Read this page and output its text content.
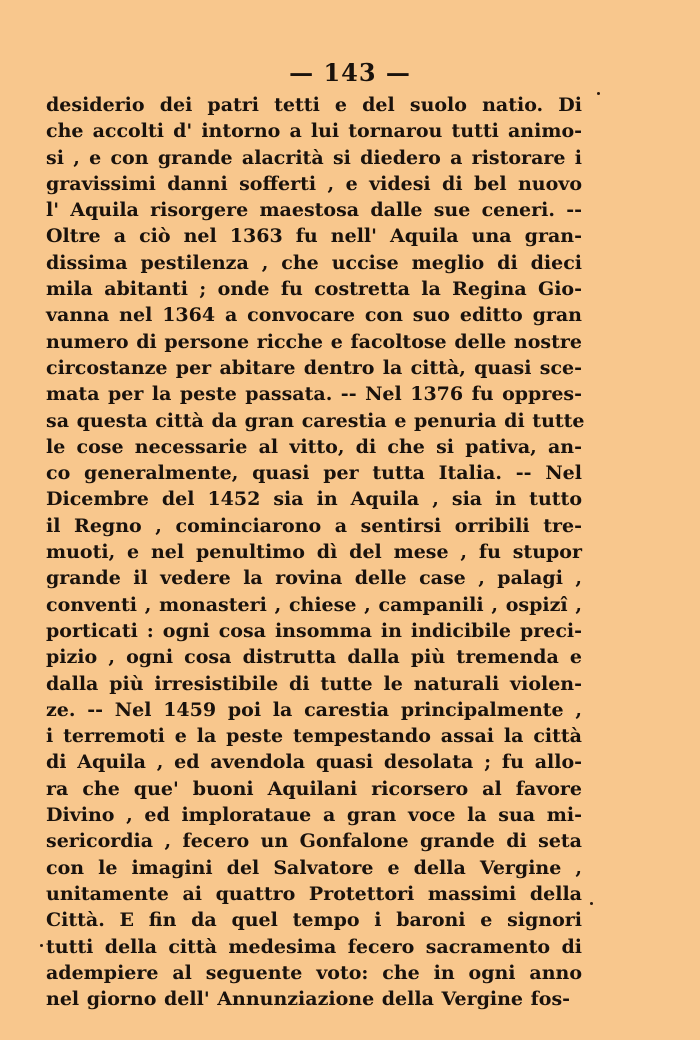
— 143 —
desiderio dei patri tetti e del suolo natio. Di
che accolti d' intorno a lui tornarou tutti animo-
si , e con grande alacrità si diedero a ristorare i
gravissimi danni sofferti , e videsi di bel nuovo
l' Aquila risorgere maestosa dalle sue ceneri. --
Oltre a ciò nel 1363 fu nell' Aquila una gran-
dissima pestilenza , che uccise meglio di dieci
mila abitanti ; onde fu costretta la Regina Gio-
vanna nel 1364 a convocare con suo editto gran
numero di persone ricche e facoltose delle nostre
circostanze per abitare dentro la città, quasi sce-
mata per la peste passata. -- Nel 1376 fu oppres-
sa questa città da gran carestia e penuria di tutte
le cose necessarie al vitto, di che si pativa, an-
co generalmente, quasi per tutta Italia. -- Nel
Dicembre del 1452 sia in Aquila , sia in tutto
il Regno , cominciarono a sentirsi orribili tre-
muoti, e nel penultimo dì del mese , fu stupor
grande il vedere la rovina delle case , palagi ,
conventi , monasteri , chiese , campanili , ospizî ,
porticati : ogni cosa insomma in indicibile preci-
pizio , ogni cosa distrutta dalla più tremenda e
dalla più irresistibile di tutte le naturali violen-
ze. -- Nel 1459 poi la carestia principalmente ,
i terremoti e la peste tempestando assai la città
di Aquila , ed avendola quasi desolata ; fu allo-
ra che que' buoni Aquilani ricorsero al favore
Divino , ed implorataue a gran voce la sua mi-
sericordia , fecero un Gonfalone grande di seta
con le imagini del Salvatore e della Vergine ,
unitamente ai quattro Protettori massimi della
Città. E fin da quel tempo i baroni e signori
tutti della città medesima fecero sacramento di
adempiere al seguente voto: che in ogni anno
nel giorno dell' Annunziazione della Vergine fos-
